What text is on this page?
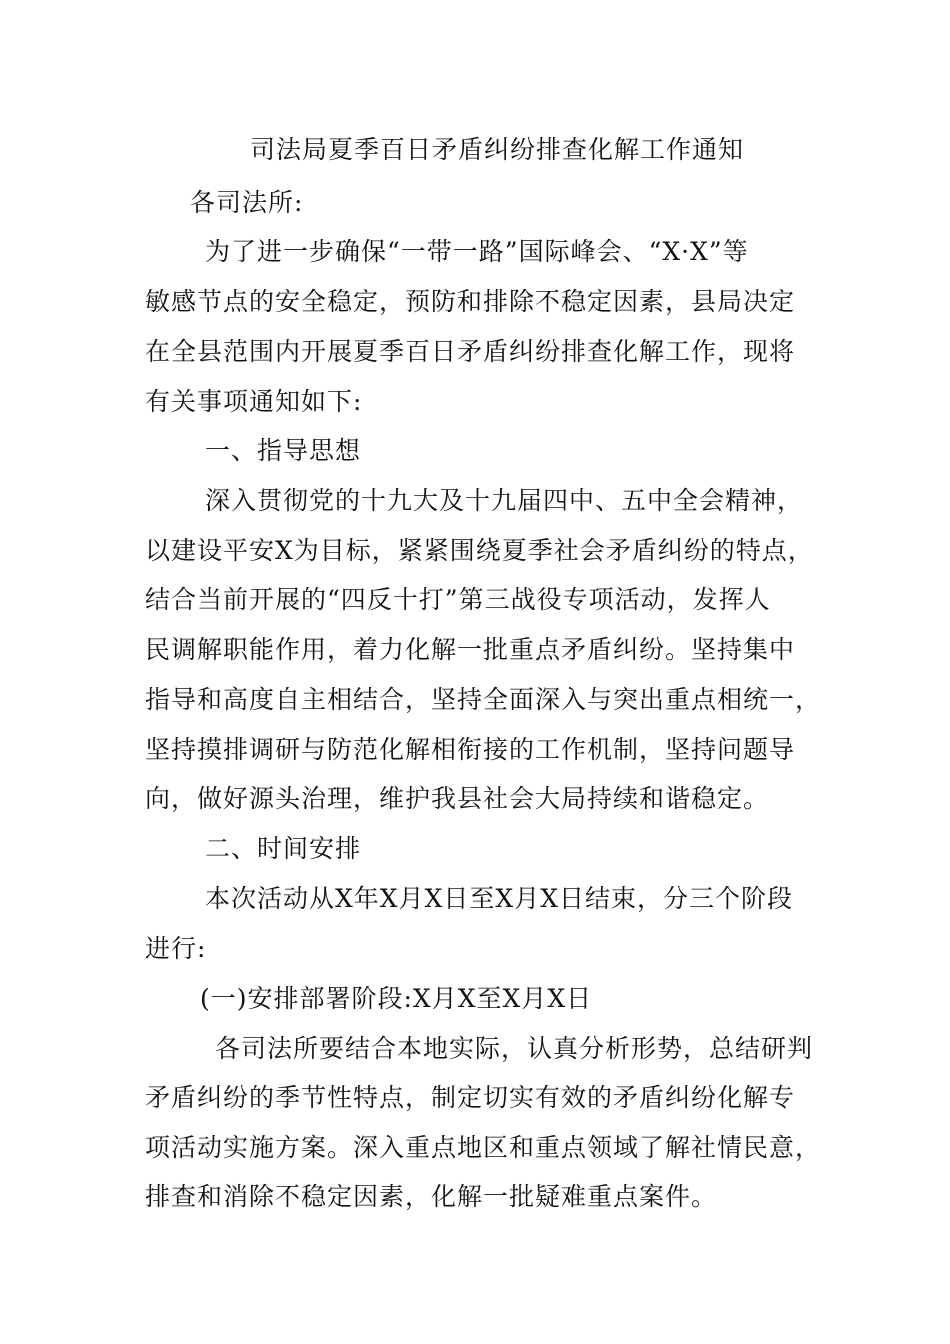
司法局夏季百日矛盾纠纷排查化解工作通知

各司法所:

为了进一步确保“一带一路”国际峰会、“X·X”等

敏感节点的安全稳定，预防和排除不稳定因素，县局决定

在全县范围内开展夏季百日矛盾纠纷排查化解工作，现将

有关事项通知如下:

一、指导思想

深入贯彻党的十九大及十九届四中、五中全会精神，

以建设平安X为目标，紧紧围绕夏季社会矛盾纠纷的特点，

结合当前开展的“四反十打”第三战役专项活动，发挥人

民调解职能作用，着力化解一批重点矛盾纠纷。坚持集中

指导和高度自主相结合，坚持全面深入与突出重点相统一，

坚持摸排调研与防范化解相衔接的工作机制，坚持问题导

向，做好源头治理，维护我县社会大局持续和谐稳定。

二、时间安排

本次活动从X年X月X日至X月X日结束，分三个阶段

进行:

(一)安排部署阶段:X月X至X月X日

各司法所要结合本地实际，认真分析形势，总结研判

矛盾纠纷的季节性特点，制定切实有效的矛盾纠纷化解专

项活动实施方案。深入重点地区和重点领域了解社情民意，

排查和消除不稳定因素，化解一批疑难重点案件。
